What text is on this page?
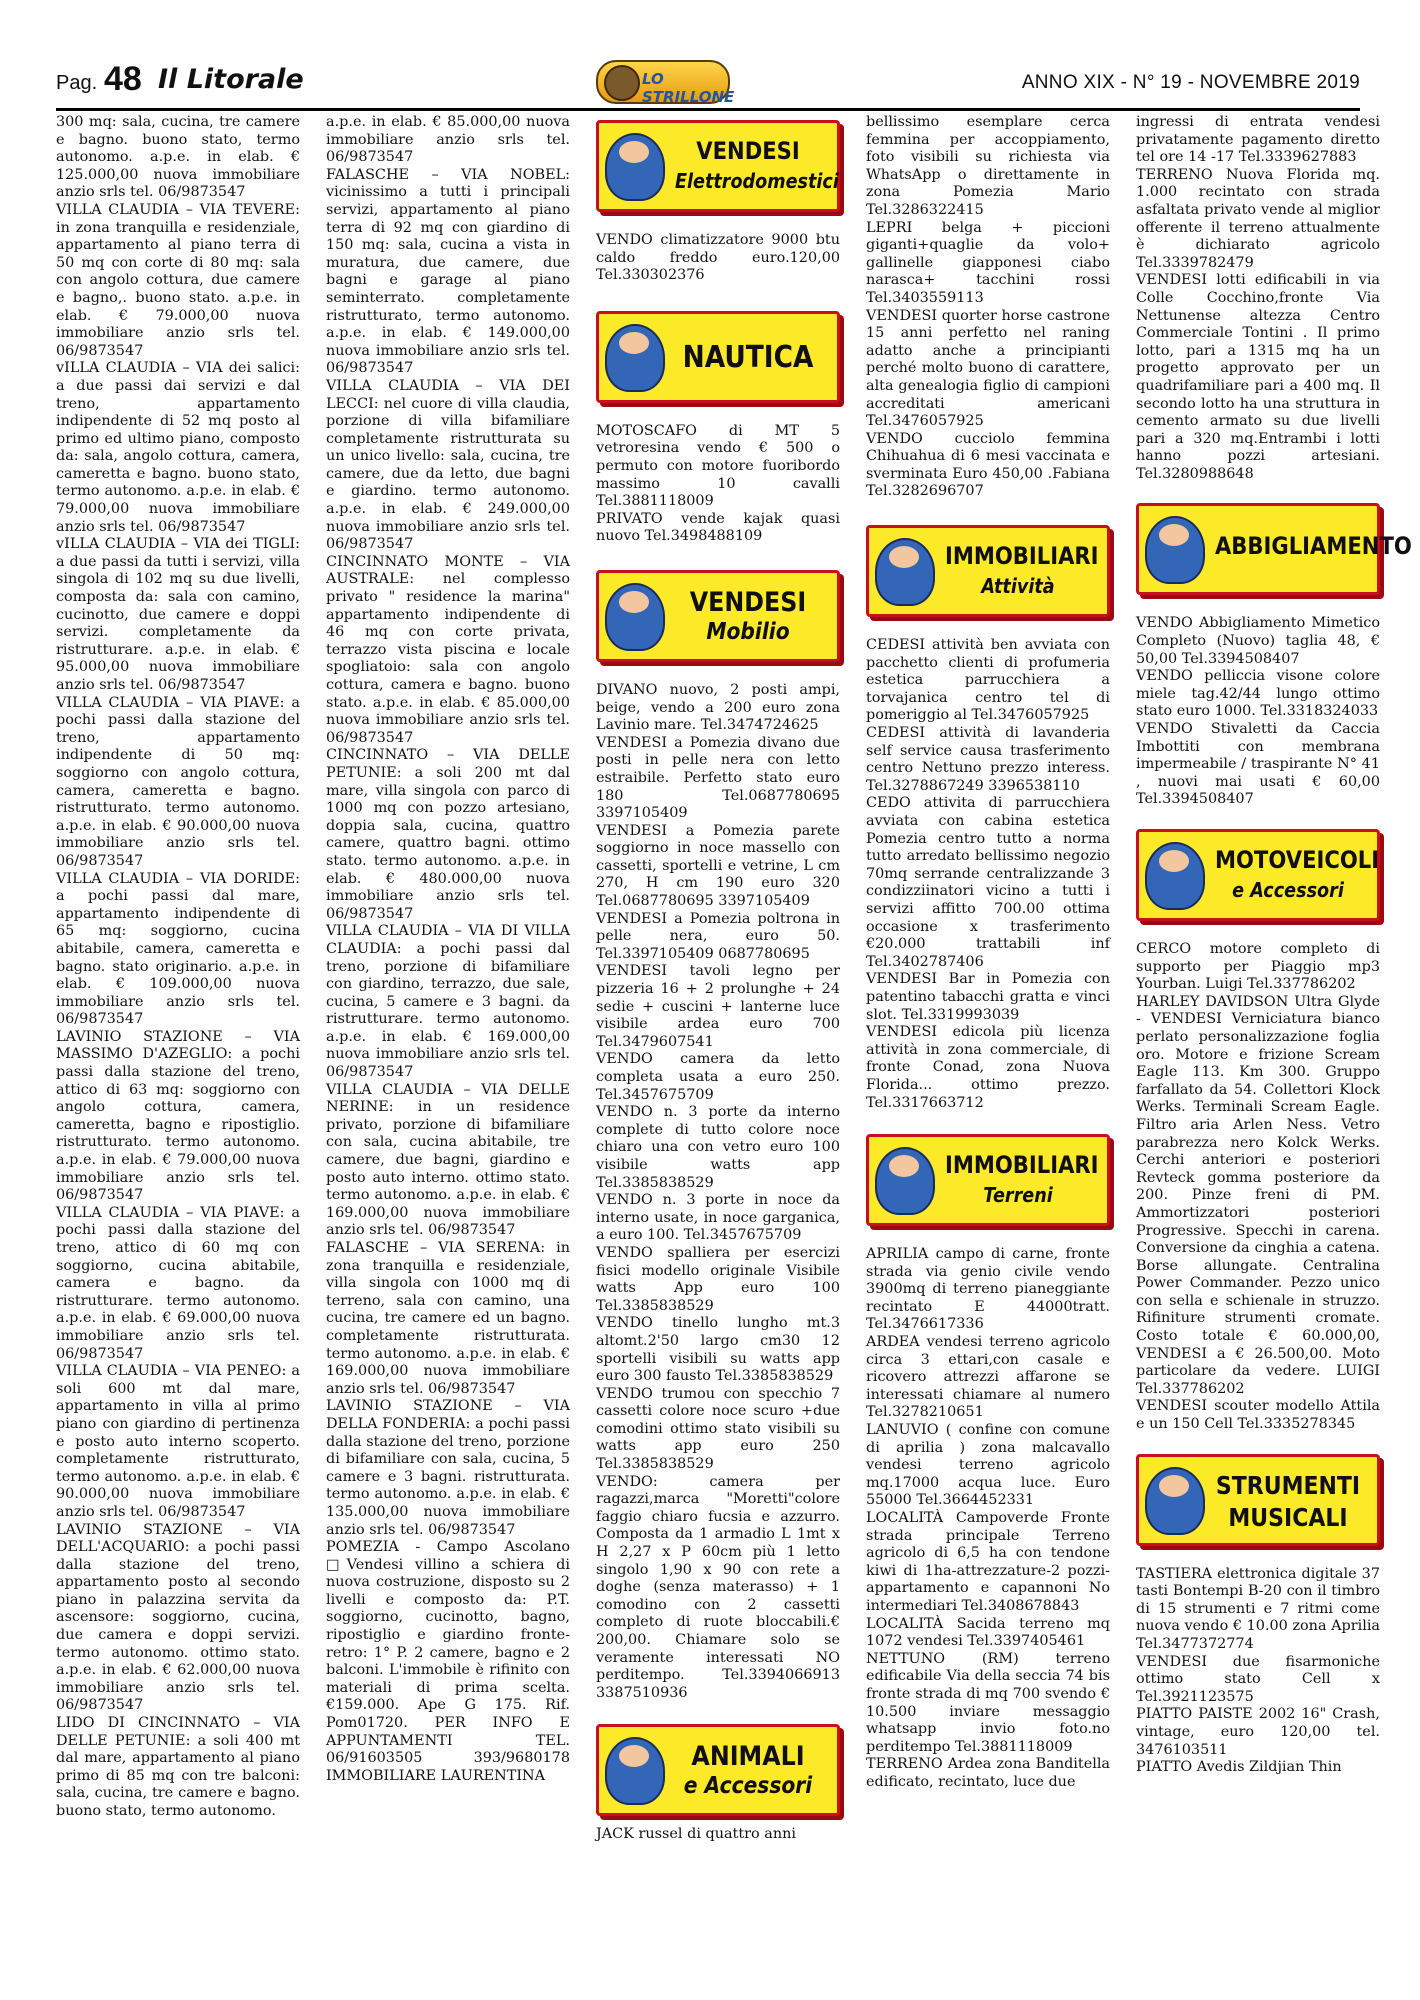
Pag. 48 Il Litorale	LO STRILLONE
ANNO XIX - N° 19 - NOVEMBRE 2019

300 mq: sala, cucina, tre camere e bagno. buono stato, termo autonomo. a.p.e. in elab. € 125.000,00 nuova immobiliare anzio srls tel. 06/9873547

VILLA CLAUDIA – VIA TEVERE: in zona tranquilla e residenziale, appartamento al piano terra di 50 mq con corte di 80 mq: sala con angolo cottura, due camere e bagno,. buono stato. a.p.e. in elab. € 79.000,00 nuova immobiliare anzio srls tel. 06/9873547

vILLA CLAUDIA – VIA dei salici: a due passi dai servizi e dal treno, appartamento indipendente di 52 mq posto al primo ed ultimo piano, composto da: sala, angolo cottura, camera, cameretta e bagno. buono stato, termo autonomo. a.p.e. in elab. € 79.000,00 nuova immobiliare anzio srls tel. 06/9873547

vILLA CLAUDIA – VIA dei TIGLI: a due passi da tutti i servizi, villa singola di 102 mq su due livelli, composta da: sala con camino, cucinotto, due camere e doppi servizi. completamente da ristrutturare. a.p.e. in elab. € 95.000,00 nuova immobiliare anzio srls tel. 06/9873547

VILLA CLAUDIA – VIA PIAVE: a pochi passi dalla stazione del treno, appartamento indipendente di 50 mq: soggiorno con angolo cottura, camera, cameretta e bagno. ristrutturato. termo autonomo. a.p.e. in elab. € 90.000,00 nuova immobiliare anzio srls tel. 06/9873547

VILLA CLAUDIA – VIA DORIDE: a pochi passi dal mare, appartamento indipendente di 65 mq: soggiorno, cucina abitabile, camera, cameretta e bagno. stato originario. a.p.e. in elab. € 109.000,00 nuova immobiliare anzio srls tel. 06/9873547

LAVINIO STAZIONE – VIA MASSIMO D'AZEGLIO: a pochi passi dalla stazione del treno, attico di 63 mq: soggiorno con angolo cottura, camera, cameretta, bagno e ripostiglio. ristrutturato. termo autonomo. a.p.e. in elab. € 79.000,00 nuova immobiliare anzio srls tel. 06/9873547

VILLA CLAUDIA – VIA PIAVE: a pochi passi dalla stazione del treno, attico di 60 mq con soggiorno, cucina abitabile, camera e bagno. da ristrutturare. termo autonomo. a.p.e. in elab. € 69.000,00 nuova immobiliare anzio srls tel. 06/9873547

VILLA CLAUDIA – VIA PENEO: a soli 600 mt dal mare, appartamento in villa al primo piano con giardino di pertinenza e posto auto interno scoperto. completamente ristrutturato, termo autonomo. a.p.e. in elab. € 90.000,00 nuova immobiliare anzio srls tel. 06/9873547

LAVINIO STAZIONE – VIA DELL'ACQUARIO: a pochi passi dalla stazione del treno, appartamento posto al secondo piano in palazzina servita da ascensore: soggiorno, cucina, due camera e doppi servizi. termo autonomo. ottimo stato. a.p.e. in elab. € 62.000,00 nuova immobiliare anzio srls tel. 06/9873547

LIDO DI CINCINNATO – VIA DELLE PETUNIE: a soli 400 mt dal mare, appartamento al piano primo di 85 mq con tre balconi: sala, cucina, tre camere e bagno. buono stato, termo autonomo.

a.p.e. in elab. € 85.000,00 nuova immobiliare anzio srls tel. 06/9873547

FALASCHE – VIA NOBEL: vicinissimo a tutti i principali servizi, appartamento al piano terra di 92 mq con giardino di 150 mq: sala, cucina a vista in muratura, due camere, due bagni e garage al piano seminterrato. completamente ristrutturato, termo autonomo. a.p.e. in elab. € 149.000,00 nuova immobiliare anzio srls tel. 06/9873547

VILLA CLAUDIA – VIA DEI LECCI: nel cuore di villa claudia, porzione di villa bifamiliare completamente ristrutturata su un unico livello: sala, cucina, tre camere, due da letto, due bagni e giardino. termo autonomo. a.p.e. in elab. € 249.000,00 nuova immobiliare anzio srls tel. 06/9873547

CINCINNATO MONTE – VIA AUSTRALE: nel complesso privato " residence la marina" appartamento indipendente di 46 mq con corte privata, terrazzo vista piscina e locale spogliatoio: sala con angolo cottura, camera e bagno. buono stato. a.p.e. in elab. € 85.000,00 nuova immobiliare anzio srls tel. 06/9873547

CINCINNATO – VIA DELLE PETUNIE: a soli 200 mt dal mare, villa singola con parco di 1000 mq con pozzo artesiano, doppia sala, cucina, quattro camere, quattro bagni. ottimo stato. termo autonomo. a.p.e. in elab. € 480.000,00 nuova immobiliare anzio srls tel. 06/9873547

VILLA CLAUDIA – VIA DI VILLA CLAUDIA: a pochi passi dal treno, porzione di bifamiliare con giardino, terrazzo, due sale, cucina, 5 camere e 3 bagni. da ristrutturare. termo autonomo. a.p.e. in elab. € 169.000,00 nuova immobiliare anzio srls tel. 06/9873547

VILLA CLAUDIA – VIA DELLE NERINE: in un residence privato, porzione di bifamiliare con sala, cucina abitabile, tre camere, due bagni, giardino e posto auto interno. ottimo stato. termo autonomo. a.p.e. in elab. € 169.000,00 nuova immobiliare anzio srls tel. 06/9873547

FALASCHE – VIA SERENA: in zona tranquilla e residenziale, villa singola con 1000 mq di terreno, sala con camino, una cucina, tre camere ed un bagno. completamente ristrutturata. termo autonomo. a.p.e. in elab. € 169.000,00 nuova immobiliare anzio srls tel. 06/9873547

LAVINIO STAZIONE – VIA DELLA FONDERIA: a pochi passi dalla stazione del treno, porzione di bifamiliare con sala, cucina, 5 camere e 3 bagni. ristrutturata. termo autonomo. a.p.e. in elab. € 135.000,00 nuova immobiliare anzio srls tel. 06/9873547

POMEZIA - Campo Ascolano □Vendesi villino a schiera di nuova costruzione, disposto su 2 livelli e composto da: P.T. soggiorno, cucinotto, bagno, ripostiglio e giardino fronte-retro: 1° P. 2 camere, bagno e 2 balconi. L'immobile è rifinito con materiali di prima scelta. €159.000. Ape G 175. Rif. Pom01720. PER INFO E APPUNTAMENTI TEL. 06/91603505 393/9680178 IMMOBILIARE LAURENTINA

VENDESI
Elettrodomestici

VENDO climatizzatore 9000 btu caldo freddo euro.120,00 Tel.330302376

NAUTICA

MOTOSCAFO di MT 5 vetroresina vendo € 500 o permuto con motore fuoribordo massimo 10 cavalli Tel.3881118009

PRIVATO vende kajak quasi nuovo Tel.3498488109

VENDESI
Mobilio

DIVANO nuovo, 2 posti ampi, beige, vendo a 200 euro zona Lavinio mare. Tel.3474724625

VENDESI a Pomezia divano due posti in pelle nera con letto estraibile. Perfetto stato euro 180 Tel.0687780695 3397105409

VENDESI a Pomezia parete soggiorno in noce massello con cassetti, sportelli e vetrine, L cm 270, H cm 190 euro 320 Tel.0687780695 3397105409

VENDESI a Pomezia poltrona in pelle nera, euro 50. Tel.3397105409 0687780695

VENDESI tavoli legno per pizzeria 16 + 2 prolunghe + 24 sedie + cuscini + lanterne luce visibile ardea euro 700 Tel.3479607541

VENDO camera da letto completa usata a euro 250. Tel.3457675709

VENDO n. 3 porte da interno complete di tutto colore noce chiaro una con vetro euro 100 visibile watts app Tel.3385838529

VENDO n. 3 porte in noce da interno usate, in noce garganica, a euro 100. Tel.3457675709

VENDO spalliera per esercizi fisici modello originale Visibile watts App euro 100 Tel.3385838529

VENDO tinello lungho mt.3 altomt.2'50 largo cm30 12 sportelli visibili su watts app euro 300 fausto Tel.3385838529

VENDO trumou con specchio 7 cassetti colore noce scuro +due comodini ottimo stato visibili su watts app euro 250 Tel.3385838529

VENDO: camera per ragazzi,marca "Moretti"colore faggio chiaro fucsia e azzurro. Composta da 1 armadio L 1mt x H 2,27 x P 60cm più 1 letto singolo 1,90 x 90 con rete a doghe (senza materasso) + 1 comodino con 2 cassetti completo di ruote bloccabili.€ 200,00. Chiamare solo se veramente interessati NO perditempo. Tel.3394066913 3387510936

ANIMALI
e Accessori

JACK russel di quattro anni

bellissimo esemplare cerca femmina per accoppiamento, foto visibili su richiesta via WhatsApp o direttamente in zona Pomezia Mario Tel.3286322415

LEPRI belga + piccioni giganti+quaglie da volo+ gallinelle giapponesi ciabo narasca+ tacchini rossi Tel.3403559113

VENDESI quorter horse castrone 15 anni perfetto nel raning adatto anche a principianti perché molto buono di carattere, alta genealogia figlio di campioni accreditati americani Tel.3476057925

VENDO cucciolo femmina Chihuahua di 6 mesi vaccinata e sverminata Euro 450,00 .Fabiana Tel.3282696707

IMMOBILIARI
Attività

CEDESI attività ben avviata con pacchetto clienti di profumeria estetica parrucchiera a torvajanica centro tel di pomeriggio al Tel.3476057925

CEDESI attività di lavanderia self service causa trasferimento centro Nettuno prezzo interess. Tel.3278867249 3396538110

CEDO attivita di parrucchiera avviata con cabina estetica Pomezia centro tutto a norma tutto arredato bellissimo negozio 70mq serrande centralizzande 3 condizziinatori vicino a tutti i servizi affitto 700.00 ottima occasione x trasferimento €20.000 trattabili inf Tel.3402787406

VENDESI Bar in Pomezia con patentino tabacchi gratta e vinci slot. Tel.3319993039

VENDESI edicola più licenza attività in zona commerciale, di fronte Conad, zona Nuova Florida... ottimo prezzo. Tel.3317663712

IMMOBILIARI
Terreni

APRILIA campo di carne, fronte strada via genio civile vendo 3900mq di terreno pianeggiante recintato E 44000tratt. Tel.3476617336

ARDEA vendesi terreno agricolo circa 3 ettari,con casale e ricovero attrezzi affarone se interessati chiamare al numero Tel.3278210651

LANUVIO ( confine con comune di aprilia ) zona malcavallo vendesi terreno agricolo mq.17000 acqua luce. Euro 55000 Tel.3664452331

LOCALITÀ Campoverde Fronte strada principale Terreno agricolo di 6,5 ha con tendone kiwi di 1ha-attrezzature-2 pozzi-appartamento e capannoni No intermediari Tel.3408678843

LOCALITÀ Sacida terreno mq 1072 vendesi Tel.3397405461

NETTUNO (RM) terreno edificabile Via della seccia 74 bis fronte strada di mq 700 svendo € 10.500 inviare messaggio whatsapp invio foto.no perditempo Tel.3881118009

TERRENO Ardea zona Banditella edificato, recintato, luce due

ingressi di entrata vendesi privatamente pagamento diretto tel ore 14 -17 Tel.3339627883

TERRENO Nuova Florida mq. 1.000 recintato con strada asfaltata privato vende al miglior offerente il terreno attualmente è dichiarato agricolo Tel.3339782479

VENDESI lotti edificabili in via Colle Cocchino,fronte Via Nettunense altezza Centro Commerciale Tontini . Il primo lotto, pari a 1315 mq ha un progetto approvato per un quadrifamiliare pari a 400 mq. Il secondo lotto ha una struttura in cemento armato su due livelli pari a 320 mq.Entrambi i lotti hanno pozzi artesiani. Tel.3280988648

ABBIGLIAMENTO

VENDO Abbigliamento Mimetico Completo (Nuovo) taglia 48, € 50,00 Tel.3394508407

VENDO pelliccia visone colore miele tag.42/44 lungo ottimo stato euro 1000. Tel.3318324033

VENDO Stivaletti da Caccia Imbottiti con membrana impermeabile / traspirante N° 41 , nuovi mai usati € 60,00 Tel.3394508407

MOTOVEICOLI
e Accessori

CERCO motore completo di supporto per Piaggio mp3 Yourban. Luigi Tel.337786202

HARLEY DAVIDSON Ultra Glyde - VENDESI Verniciatura bianco perlato personalizzazione foglia oro. Motore e frizione Scream Eagle 113. Km 300. Gruppo farfallato da 54. Collettori Klock Werks. Terminali Scream Eagle. Filtro aria Arlen Ness. Vetro parabrezza nero Kolck Werks. Cerchi anteriori e posteriori Revteck gomma posteriore da 200. Pinze freni di PM. Ammortizzatori posteriori Progressive. Specchi in carena. Conversione da cinghia a catena. Borse allungate. Centralina Power Commander. Pezzo unico con sella e schienale in struzzo. Rifiniture strumenti cromate. Costo totale € 60.000,00, VENDESI a € 26.500,00. Moto particolare da vedere. LUIGI Tel.337786202

VENDESI scouter modello Attila e un 150 Cell Tel.3335278345

STRUMENTI
MUSICALI

TASTIERA elettronica digitale 37 tasti Bontempi B-20 con il timbro di 15 strumenti e 7 ritmi come nuova vendo € 10.00 zona Aprilia Tel.3477372774

VENDESI due fisarmoniche ottimo stato Cell x Tel.3921123575

PIATTO PAISTE 2002 16" Crash, vintage, euro 120,00 tel. 3476103511

PIATTO Avedis Zildjian Thin
